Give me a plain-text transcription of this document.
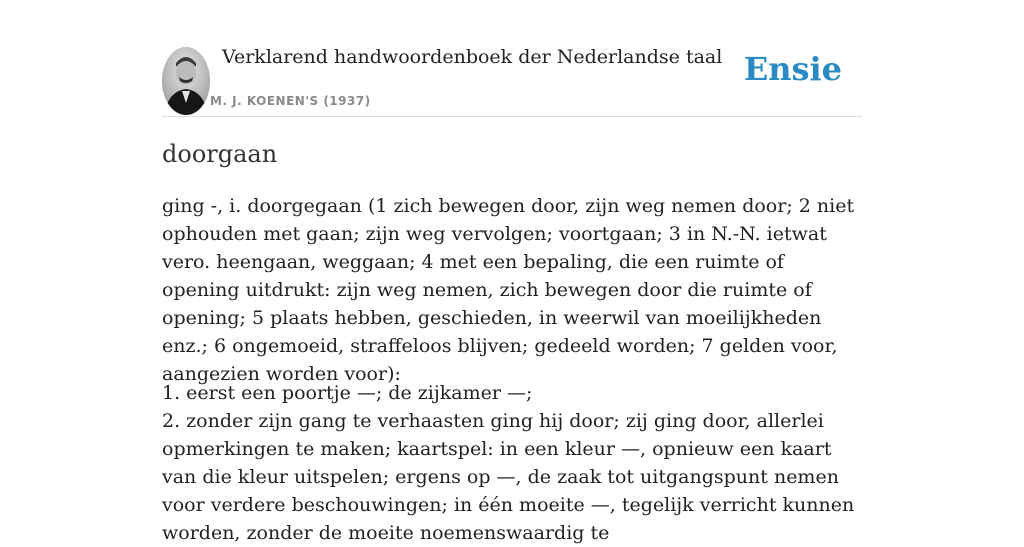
Verklarend handwoordenboek der Nederlandse taal
M. J. KOENEN'S (1937)
Ensie
doorgaan

ging -, i. doorgegaan (1 zich bewegen door, zijn weg nemen door; 2 niet ophouden met gaan; zijn weg vervolgen; voortgaan; 3 in N.-N. ietwat vero. heengaan, weggaan; 4 met een bepaling, die een ruimte of opening uitdrukt: zijn weg nemen, zich bewegen door die ruimte of opening; 5 plaats hebben, geschieden, in weerwil van moeilijkheden enz.; 6 ongemoeid, straffeloos blijven; gedeeld worden; 7 gelden voor, aangezien worden voor):

1. eerst een poortje —; de zijkamer —;

2. zonder zijn gang te verhaasten ging hij door; zij ging door, allerlei opmerkingen te maken; kaartspel: in een kleur —, opnieuw een kaart van die kleur uitspelen; ergens op —, de zaak tot uitgangspunt nemen voor verdere beschouwingen; in één moeite —, tegelijk verricht kunnen worden, zonder de moeite noemenswaardig te
